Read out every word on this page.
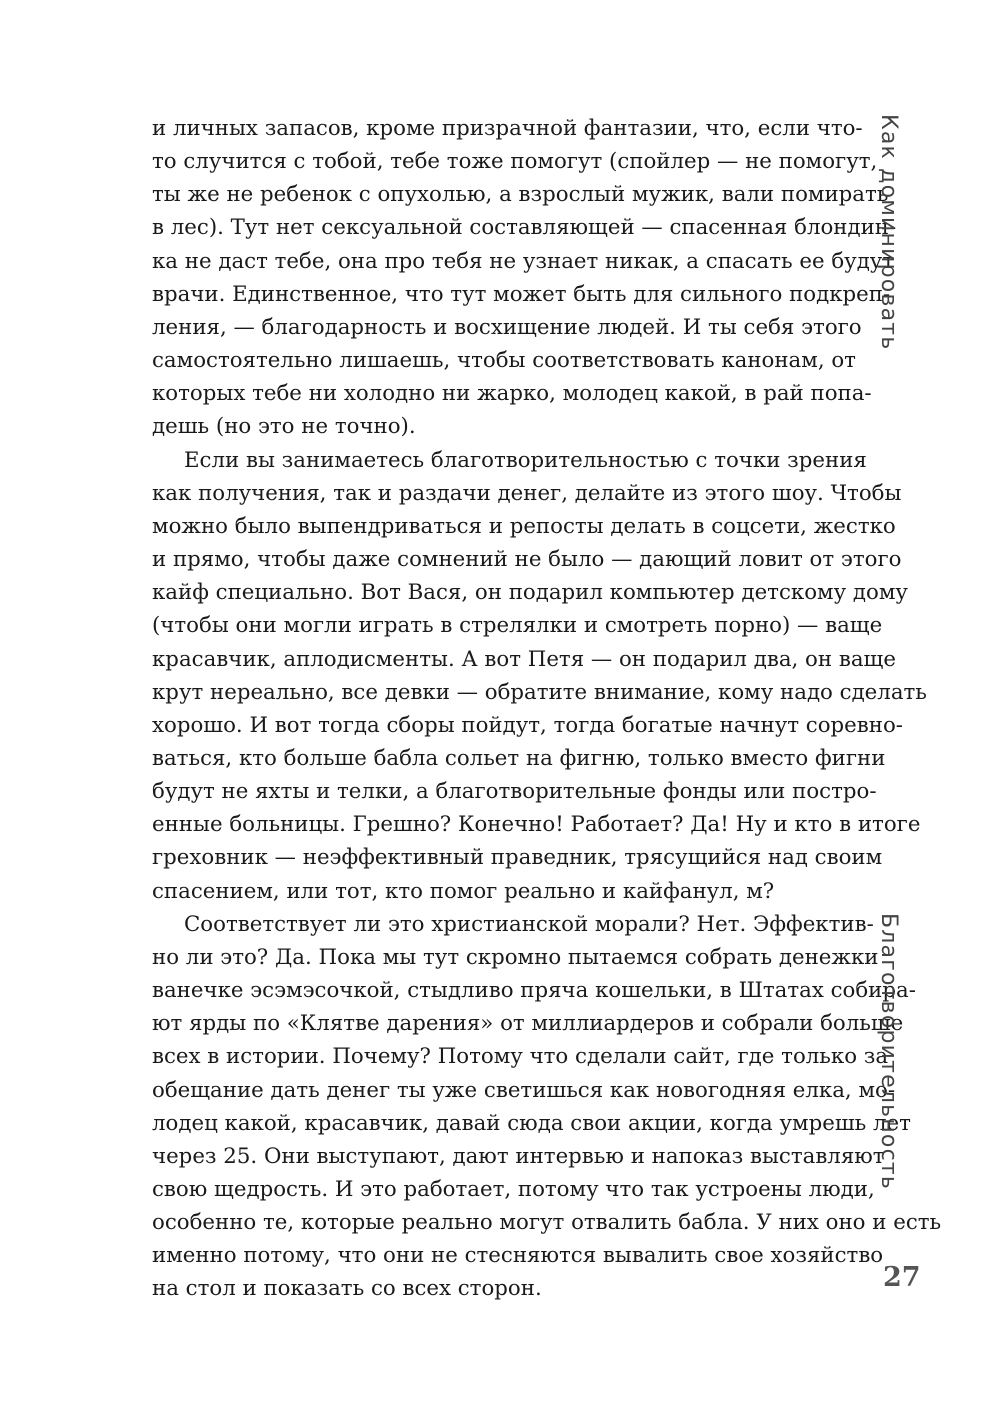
и личных запасов, кроме призрачной фантазии, что, если что-
то случится с тобой, тебе тоже помогут (спойлер — не помогут,
ты же не ребенок с опухолью, а взрослый мужик, вали помирать
в лес). Тут нет сексуальной составляющей — спасенная блондин-
ка не даст тебе, она про тебя не узнает никак, а спасать ее будут
врачи. Единственное, что тут может быть для сильного подкреп-
ления, — благодарность и восхищение людей. И ты себя этого
самостоятельно лишаешь, чтобы соответствовать канонам, от
которых тебе ни холодно ни жарко, молодец какой, в рай попа-
дешь (но это не точно).
Если вы занимаетесь благотворительностью с точки зрения
как получения, так и раздачи денег, делайте из этого шоу. Чтобы
можно было выпендриваться и репосты делать в соцсети, жестко
и прямо, чтобы даже сомнений не было — дающий ловит от этого
кайф специально. Вот Вася, он подарил компьютер детскому дому
(чтобы они могли играть в стрелялки и смотреть порно) — ваще
красавчик, аплодисменты. А вот Петя — он подарил два, он ваще
крут нереально, все девки — обратите внимание, кому надо сделать
хорошо. И вот тогда сборы пойдут, тогда богатые начнут соревно-
ваться, кто больше бабла сольет на фигню, только вместо фигни
будут не яхты и телки, а благотворительные фонды или постро-
енные больницы. Грешно? Конечно! Работает? Да! Ну и кто в итоге
греховник — неэффективный праведник, трясущийся над своим
спасением, или тот, кто помог реально и кайфанул, м?
Соответствует ли это христианской морали? Нет. Эффектив-
но ли это? Да. Пока мы тут скромно пытаемся собрать денежки
ванечке эсэмэсочкой, стыдливо пряча кошельки, в Штатах собира-
ют ярды по «Клятве дарения» от миллиардеров и собрали больше
всех в истории. Почему? Потому что сделали сайт, где только за
обещание дать денег ты уже светишься как новогодняя елка, мо-
лодец какой, красавчик, давай сюда свои акции, когда умрешь лет
через 25. Они выступают, дают интервью и напоказ выставляют
свою щедрость. И это работает, потому что так устроены люди,
особенно те, которые реально могут отвалить бабла. У них оно и есть
именно потому, что они не стесняются вывалить свое хозяйство
на стол и показать со всех сторон.
Как доминировать
Благотворительность
27
